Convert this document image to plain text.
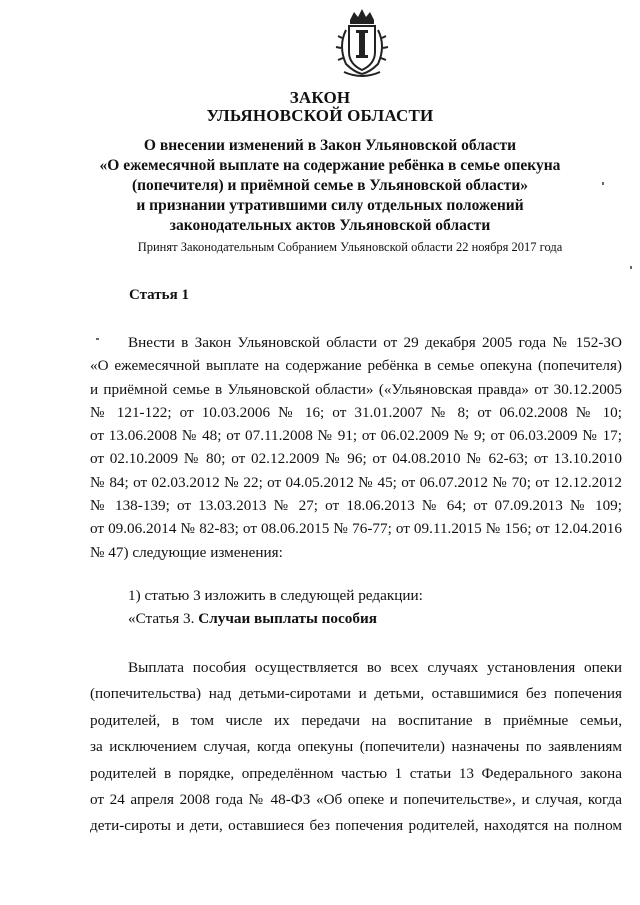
ЗАКОН
УЛЬЯНОВСКОЙ ОБЛАСТИ
О внесении изменений в Закон Ульяновской области
«О ежемесячной выплате на содержание ребёнка в семье опекуна
(попечителя) и приёмной семье в Ульяновской области»
и признании утратившими силу отдельных положений
законодательных актов Ульяновской области
Принят Законодательным Собранием Ульяновской области 22 ноября 2017 года
Статья 1
Внести в Закон Ульяновской области от 29 декабря 2005 года № 152-ЗО
«О ежемесячной выплате на содержание ребёнка в семье опекуна (попечителя)
и приёмной семье в Ульяновской области» («Ульяновская правда» от 30.12.2005
№ 121-122; от 10.03.2006 № 16; от 31.01.2007 № 8; от 06.02.2008 № 10;
от 13.06.2008 № 48; от 07.11.2008 № 91; от 06.02.2009 № 9; от 06.03.2009 № 17;
от 02.10.2009 № 80; от 02.12.2009 № 96; от 04.08.2010 № 62-63; от 13.10.2010
№ 84; от 02.03.2012 № 22; от 04.05.2012 № 45; от 06.07.2012 № 70; от 12.12.2012
№ 138-139; от 13.03.2013 № 27; от 18.06.2013 № 64; от 07.09.2013 № 109;
от 09.06.2014 № 82-83; от 08.06.2015 № 76-77; от 09.11.2015 № 156; от 12.04.2016
№ 47) следующие изменения:
1) статью 3 изложить в следующей редакции:
«Статья 3. Случаи выплаты пособия
Выплата пособия осуществляется во всех случаях установления опеки
(попечительства) над детьми-сиротами и детьми, оставшимися без попечения
родителей, в том числе их передачи на воспитание в приёмные семьи,
за исключением случая, когда опекуны (попечители) назначены по заявлениям
родителей в порядке, определённом частью 1 статьи 13 Федерального закона
от 24 апреля 2008 года № 48-ФЗ «Об опеке и попечительстве», и случая, когда
дети-сироты и дети, оставшиеся без попечения родителей, находятся на полном
